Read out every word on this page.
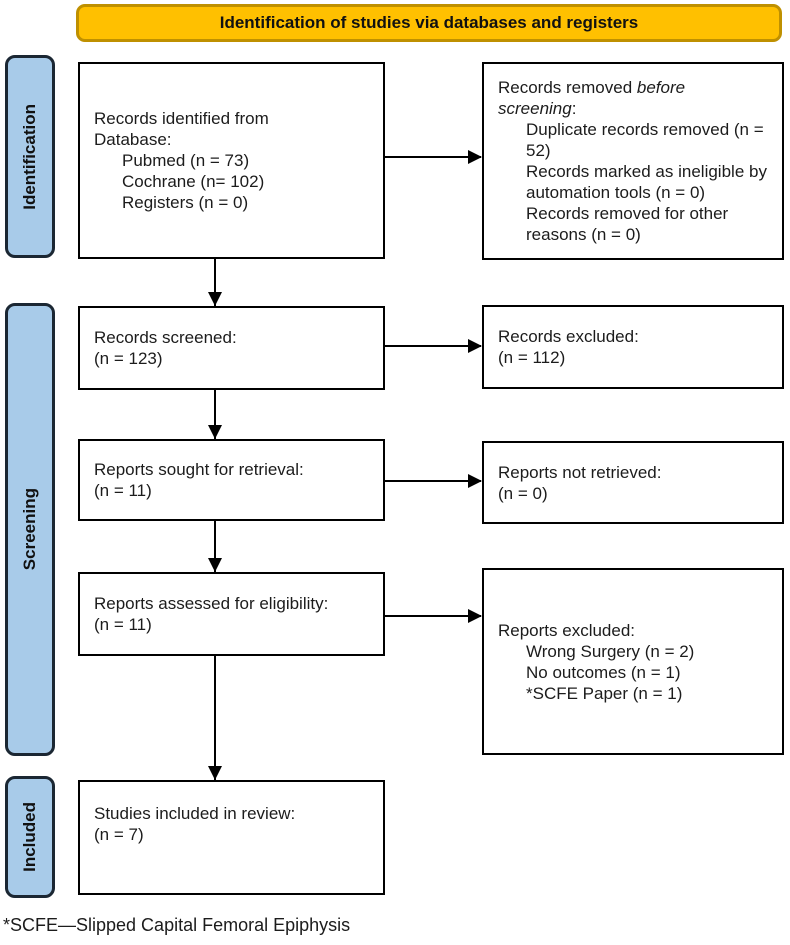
Identification of studies via databases and registers
Identification
Screening
Included
Records identified from Database:
Pubmed (n = 73)
Cochrane (n= 102)
Registers (n = 0)
Records removed before screening:
Duplicate records removed (n = 52)
Records marked as ineligible by automation tools (n = 0)
Records removed for other reasons (n = 0)
Records screened:
(n = 123)
Records excluded:
(n = 112)
Reports sought for retrieval:
(n = 11)
Reports not retrieved:
(n = 0)
Reports assessed for eligibility:
(n = 11)	Reports excluded:
Wrong Surgery (n = 2)
No outcomes (n = 1)
*SCFE Paper (n = 1)
Studies included in review:
(n = 7)
*SCFE—Slipped Capital Femoral Epiphysis
